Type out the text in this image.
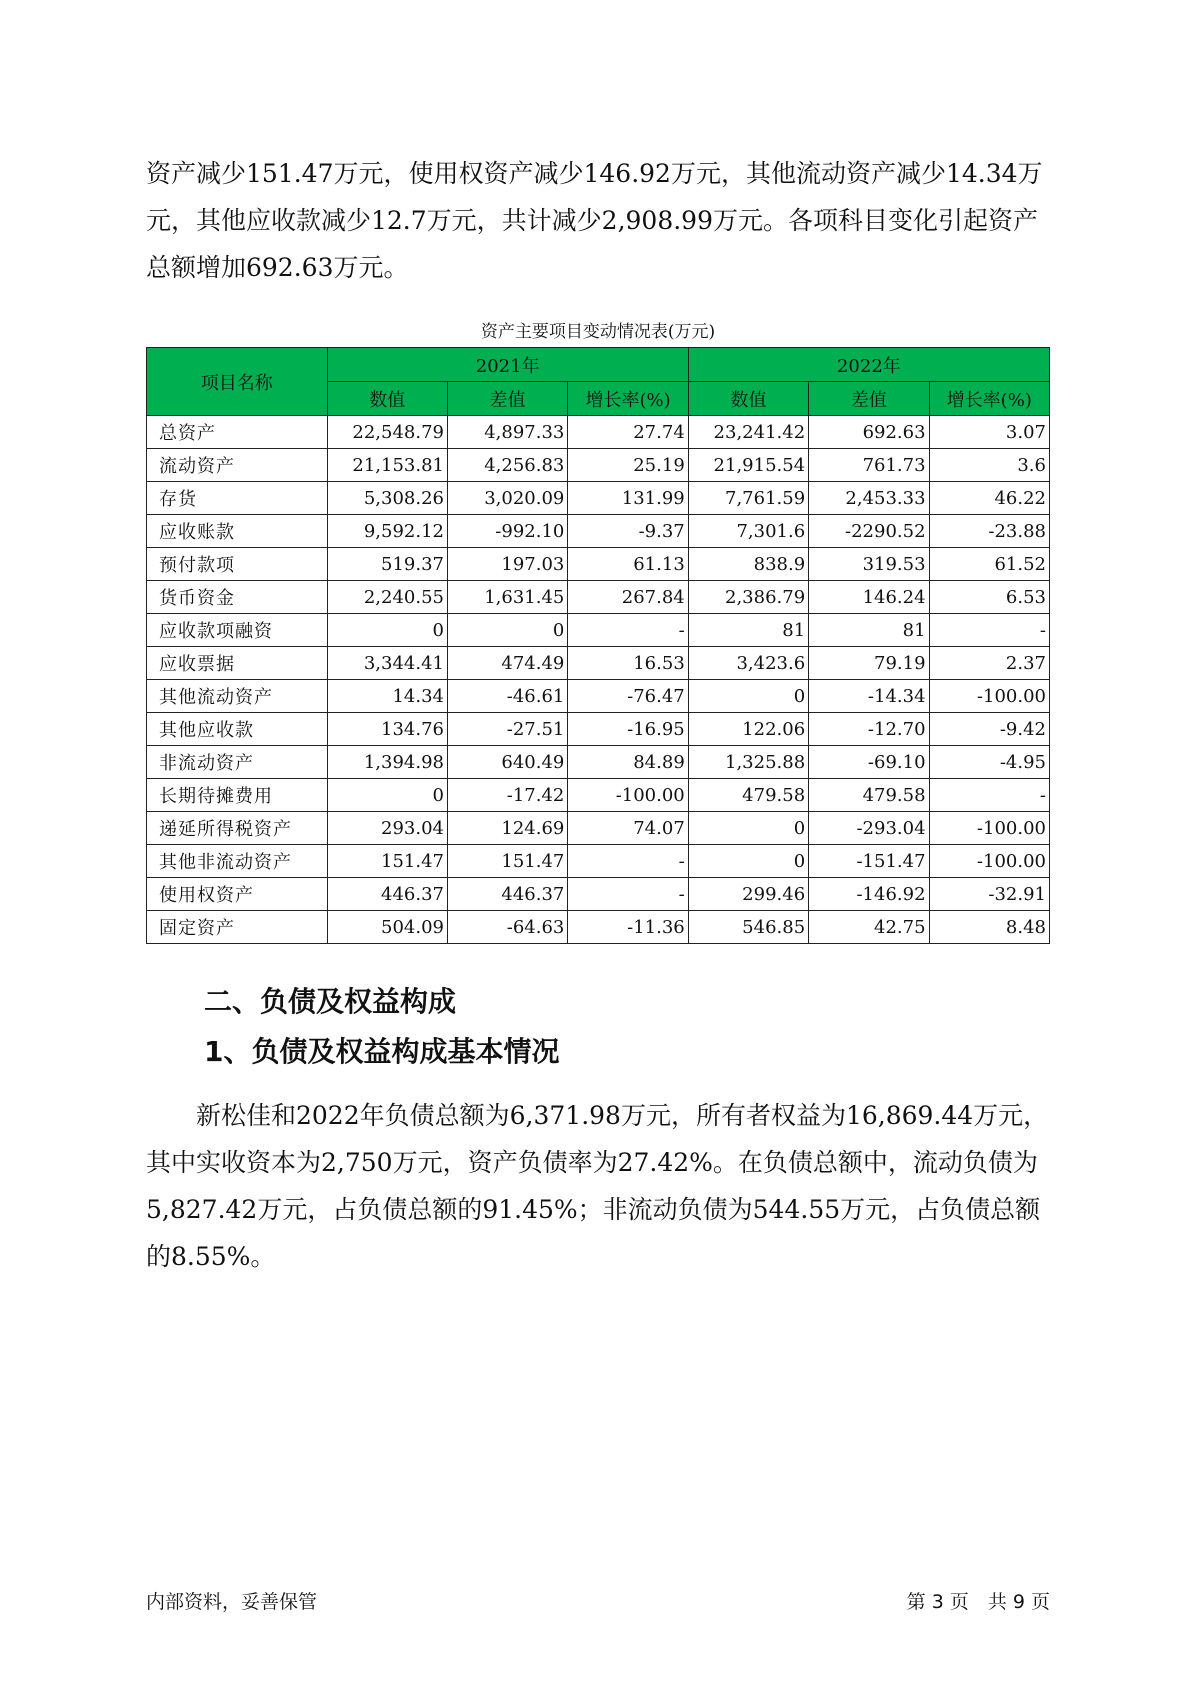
资产减少151.47万元，使用权资产减少146.92万元，其他流动资产减少14.34万元，其他应收款减少12.7万元，共计减少2,908.99万元。各项科目变化引起资产总额增加692.63万元。

资产主要项目变动情况表(万元)
项目名称	2021年			2022年		
	数值	差值	增长率(%)	数值	差值	增长率(%)
总资产	22,548.79	4,897.33	27.74	23,241.42	692.63	3.07
流动资产	21,153.81	4,256.83	25.19	21,915.54	761.73	3.6
存货	5,308.26	3,020.09	131.99	7,761.59	2,453.33	46.22
应收账款	9,592.12	-992.10	-9.37	7,301.6	-2290.52	-23.88
预付款项	519.37	197.03	61.13	838.9	319.53	61.52
货币资金	2,240.55	1,631.45	267.84	2,386.79	146.24	6.53
应收款项融资	0	0	-	81	81	-
应收票据	3,344.41	474.49	16.53	3,423.6	79.19	2.37
其他流动资产	14.34	-46.61	-76.47	0	-14.34	-100.00
其他应收款	134.76	-27.51	-16.95	122.06	-12.70	-9.42
非流动资产	1,394.98	640.49	84.89	1,325.88	-69.10	-4.95
长期待摊费用	0	-17.42	-100.00	479.58	479.58	-
递延所得税资产	293.04	124.69	74.07	0	-293.04	-100.00
其他非流动资产	151.47	151.47	-	0	-151.47	-100.00
使用权资产	446.37	446.37	-	299.46	-146.92	-32.91
固定资产	504.09	-64.63	-11.36	546.85	42.75	8.48
二、负债及权益构成
1、负债及权益构成基本情况

新松佳和2022年负债总额为6,371.98万元，所有者权益为16,869.44万元，其中实收资本为2,750万元，资产负债率为27.42%。在负债总额中，流动负债为5,827.42万元，占负债总额的91.45%；非流动负债为544.55万元，占负债总额的8.55%。

内部资料，妥善保管	第 3 页　共 9 页
